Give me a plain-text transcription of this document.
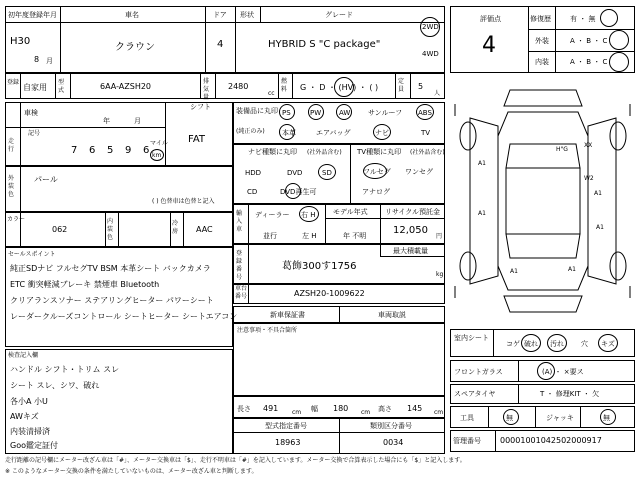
初年度登録年月
H30
8 月
車名
クラウン
ドア
4
形状	グレード
HYBRID S "C package"
2WD
4WD
登録
自家用
型式	6AA-AZSH20
排気量
2480
cc
燃料	G ・ D ・ (HV) ・ ( )
定員	5
人
車検
年	月
記号
走行	7 6 5 9 6
マイル
km
シフト
FAT
外装色
パール
( ) 色替車は色替と記入
カラー
062
内装色
冷房	AAC
セールスポイント
純正SDナビ フルセグTV BSM 本革シート バックカメラ
ETC 衝突軽減ブレーキ 禁煙車 Bluetooth
クリアランスソナー ステアリングヒーター パワーシート
レーダークルーズコントロール シートヒーター シートエアコン
検査記入欄
ハンドル シフト・トリム スレ
シート スレ、シワ、破れ
各小A 小U
AWキズ
内装清掃済
Goo鑑定証付
装備品に丸印
(純正のみ)
PS	PW	AW	サンルーフ ABS
本革	エアバッグ	ナビ	TV
ナビ種類に丸印 (社外品含む)
HDD	DVD	SD
CD	DVD再生可
TV種類に丸印 (社外品含む)
フルセグ ワンセグ
アナログ
輸入車
ディーラー 右 H
並行	左 H
モデル年式
年 不明
リサイクル預託金
12,050
円
登録番号
葛飾300す1756
最大積載量
kg
車台番号	AZSH20-1009622
新車保証書	車両取説
注意事項・不具合箇所
長さ 491 cm 幅 180 cm 高さ 145 cm
型式指定番号
18963
類別区分番号
0034
評価点
4
修復歴	有 ・ 無
外装	A ・ B ・ C
内装	A ・ B ・ C
A1
A1
A1	A1
A1
A1
W2
XX
H"G
室内シート
コゲ 破れ 汚れ 穴 キズ
フロントガラス	(A) ・ ×要ス
スペアタイヤ	T ・ 修理KIT ・ 欠
工具	無	ジャッキ	無
管理番号 00001001042502000917
走行距離の記号欄にメーター改ざん車は「#」、メーター交換車は「$」、走行不明車は「#」を記入しています。メーター交換で合算表示した場合にも「$」と記入します。
※ このようなメーター交換の条件を満たしていないものは、メーター改ざん車と判断します。
